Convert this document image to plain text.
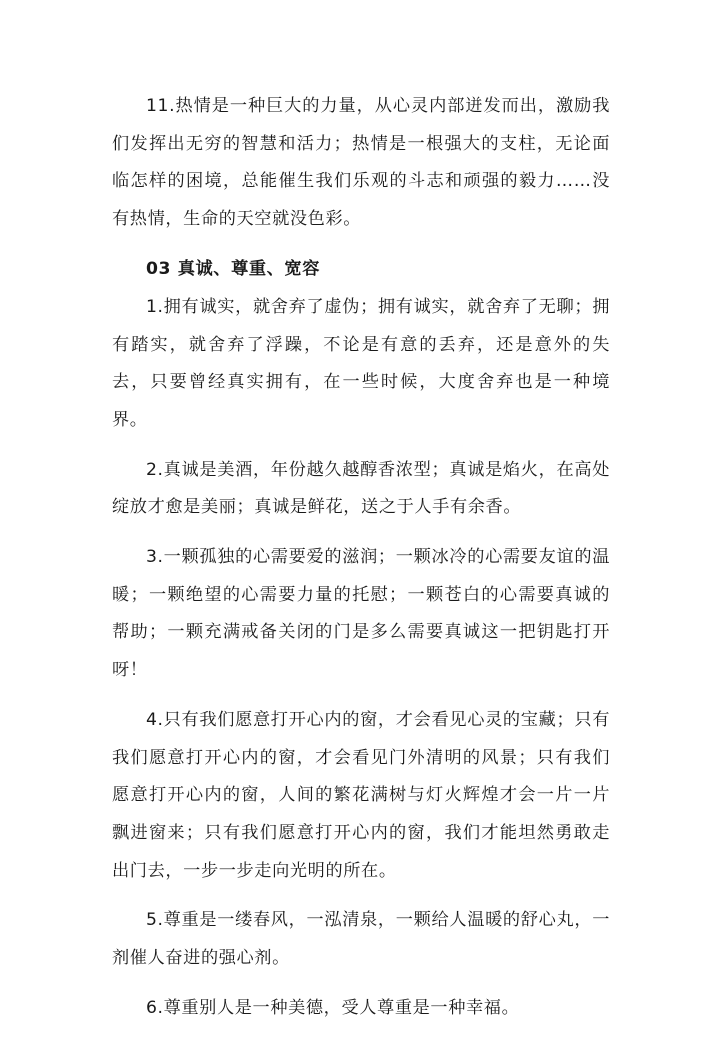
11.热情是一种巨大的力量，从心灵内部迸发而出，激励我们发挥出无穷的智慧和活力；热情是一根强大的支柱，无论面临怎样的困境，总能催生我们乐观的斗志和顽强的毅力……没有热情，生命的天空就没色彩。

03 真诚、尊重、宽容

1.拥有诚实，就舍弃了虚伪；拥有诚实，就舍弃了无聊；拥有踏实，就舍弃了浮躁，不论是有意的丢弃，还是意外的失去，只要曾经真实拥有，在一些时候，大度舍弃也是一种境界。

2.真诚是美酒，年份越久越醇香浓型；真诚是焰火，在高处绽放才愈是美丽；真诚是鲜花，送之于人手有余香。

3.一颗孤独的心需要爱的滋润；一颗冰冷的心需要友谊的温暖；一颗绝望的心需要力量的托慰；一颗苍白的心需要真诚的帮助；一颗充满戒备关闭的门是多么需要真诚这一把钥匙打开呀！

4.只有我们愿意打开心内的窗，才会看见心灵的宝藏；只有我们愿意打开心内的窗，才会看见门外清明的风景；只有我们愿意打开心内的窗，人间的繁花满树与灯火辉煌才会一片一片飘进窗来；只有我们愿意打开心内的窗，我们才能坦然勇敢走出门去，一步一步走向光明的所在。

5.尊重是一缕春风，一泓清泉，一颗给人温暖的舒心丸，一剂催人奋进的强心剂。

6.尊重别人是一种美德，受人尊重是一种幸福。
